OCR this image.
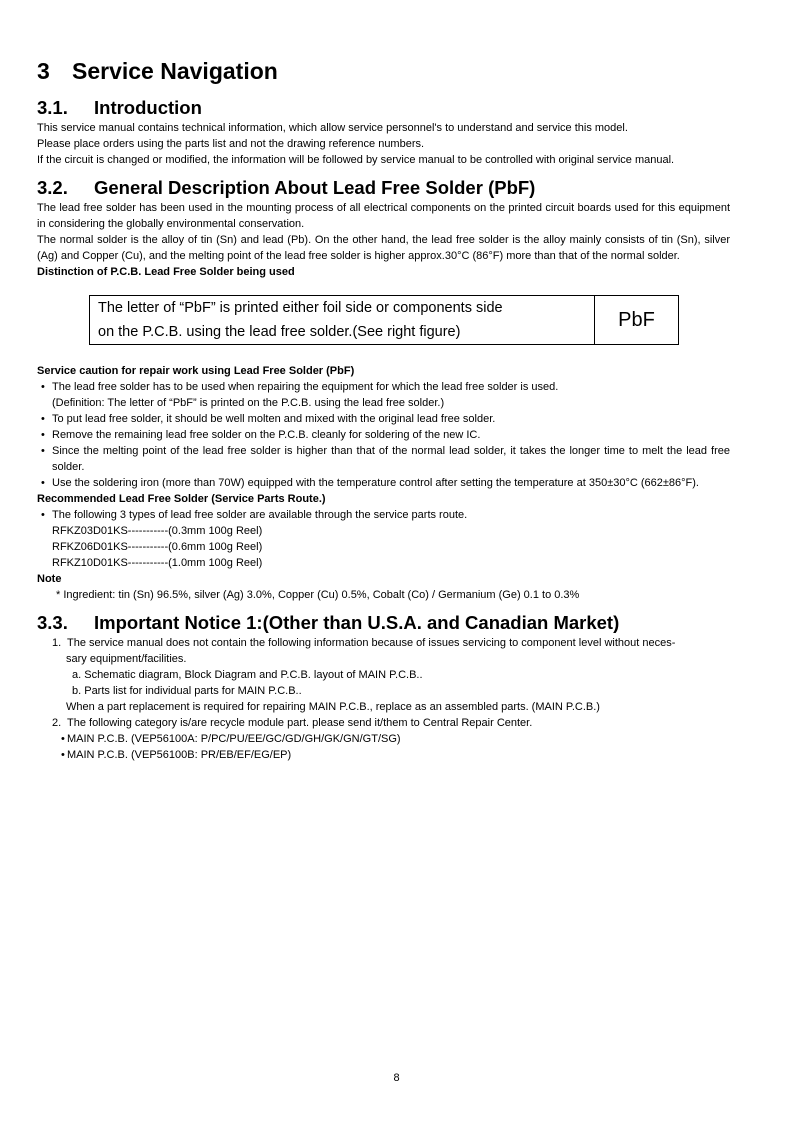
3 Service Navigation
3.1. Introduction

This service manual contains technical information, which allow service personnel's to understand and service this model.

Please place orders using the parts list and not the drawing reference numbers.

If the circuit is changed or modified, the information will be followed by service manual to be controlled with original service manual.

3.2. General Description About Lead Free Solder (PbF)

The lead free solder has been used in the mounting process of all electrical components on the printed circuit boards used for this equipment in considering the globally environmental conservation.

The normal solder is the alloy of tin (Sn) and lead (Pb). On the other hand, the lead free solder is the alloy mainly consists of tin (Sn), silver (Ag) and Copper (Cu), and the melting point of the lead free solder is higher approx.30°C (86°F) more than that of the normal solder.

Distinction of P.C.B. Lead Free Solder being used

The letter of “PbF” is printed either foil side or components side
on the P.C.B. using the lead free solder.(See right figure)
PbF

Service caution for repair work using Lead Free Solder (PbF)

• The lead free solder has to be used when repairing the equipment for which the lead free solder is used.
(Definition: The letter of “PbF” is printed on the P.C.B. using the lead free solder.)
• To put lead free solder, it should be well molten and mixed with the original lead free solder.
• Remove the remaining lead free solder on the P.C.B. cleanly for soldering of the new IC.
• Since the melting point of the lead free solder is higher than that of the normal lead solder, it takes the longer time to melt the lead free solder.
• Use the soldering iron (more than 70W) equipped with the temperature control after setting the temperature at 350±30°C (662±86°F).

Recommended Lead Free Solder (Service Parts Route.)

• The following 3 types of lead free solder are available through the service parts route.
RFKZ03D01KS-----------(0.3mm 100g Reel)
RFKZ06D01KS-----------(0.6mm 100g Reel)
RFKZ10D01KS-----------(1.0mm 100g Reel)

Note

* Ingredient: tin (Sn) 96.5%, silver (Ag) 3.0%, Copper (Cu) 0.5%, Cobalt (Co) / Germanium (Ge) 0.1 to 0.3%
3.3. Important Notice 1:(Other than U.S.A. and Canadian Market)
1. The service manual does not contain the following information because of issues servicing to component level without neces-
sary equipment/facilities.
a. Schematic diagram, Block Diagram and P.C.B. layout of MAIN P.C.B..
b. Parts list for individual parts for MAIN P.C.B..
When a part replacement is required for repairing MAIN P.C.B., replace as an assembled parts. (MAIN P.C.B.)
2. The following category is/are recycle module part. please send it/them to Central Repair Center.
• MAIN P.C.B. (VEP56100A: P/PC/PU/EE/GC/GD/GH/GK/GN/GT/SG)
• MAIN P.C.B. (VEP56100B: PR/EB/EF/EG/EP)
8
